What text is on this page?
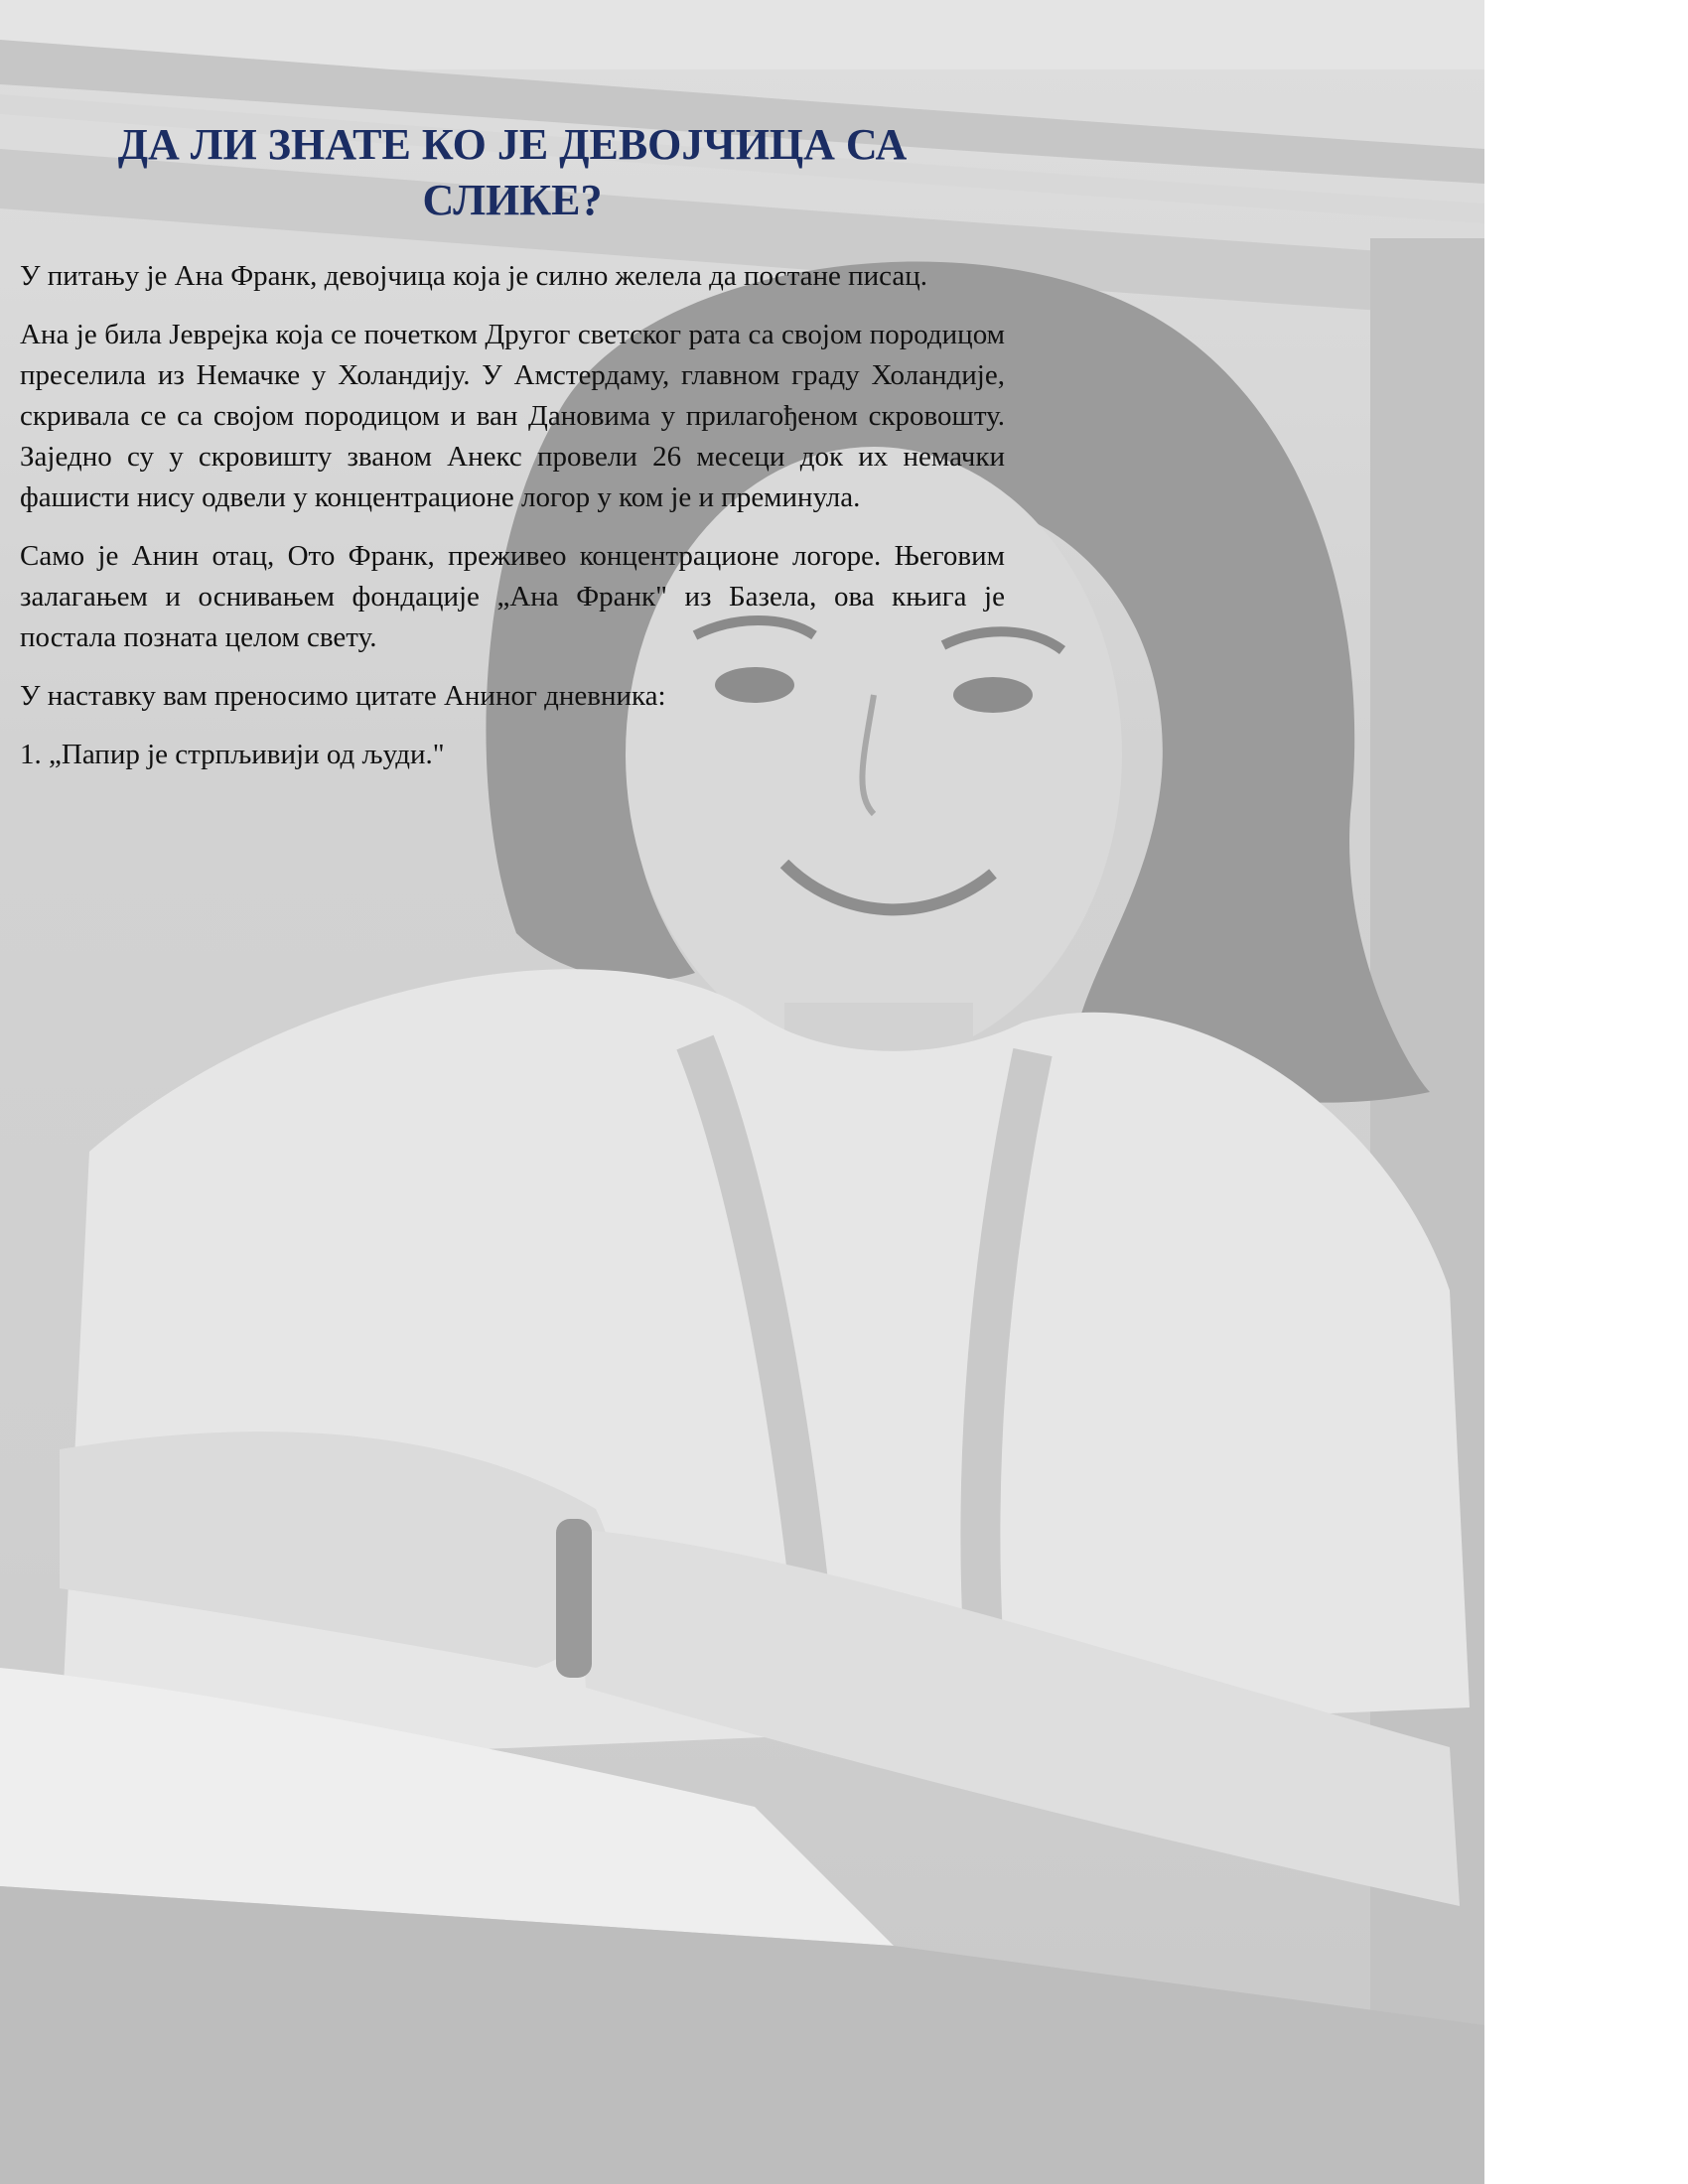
ДА ЛИ ЗНАТЕ КО ЈЕ ДЕВОЈЧИЦА СА СЛИКЕ?

У питању је Ана Франк, девојчица која је силно желела да постане писац.

Ана је била Јеврејка која се почетком Другог светског рата са својом породицом преселила из Немачке у Холандију. У Амстердаму, главном граду Холандије, скривала се са својом породицом и ван Дановима у прилагођеном скровошту. Заједно су у скровишту званом Анекс провели 26 месеци док их немачки фашисти нису одвели у концентрационе логор у ком је и преминула.

Само је Анин отац, Ото Франк, преживео концентрационе логоре. Његовим залагањем и оснивањем фондације „Ана Франк" из Базела, ова књига је постала позната целом свету.

У наставку вам преносимо цитате Аниног дневника:

1. „Папир је стрпљивији од људи."
